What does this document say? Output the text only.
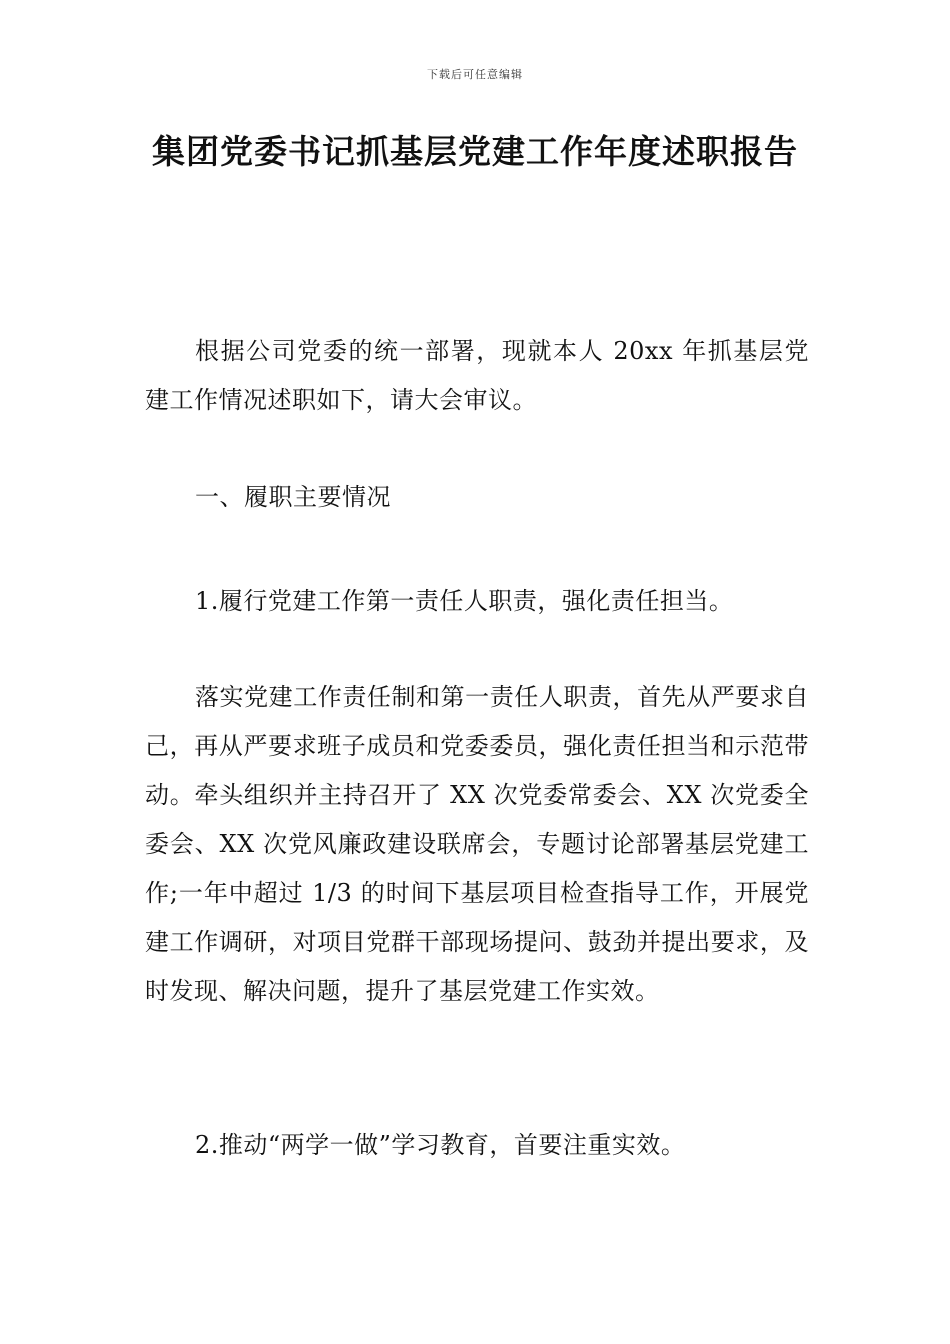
下载后可任意编辑
集团党委书记抓基层党建工作年度述职报告

根据公司党委的统一部署，现就本人 20xx 年抓基层党建工作情况述职如下，请大会审议。

一、履职主要情况

1.履行党建工作第一责任人职责，强化责任担当。

落实党建工作责任制和第一责任人职责，首先从严要求自己，再从严要求班子成员和党委委员，强化责任担当和示范带动。牵头组织并主持召开了 XX 次党委常委会、XX 次党委全委会、XX 次党风廉政建设联席会，专题讨论部署基层党建工作;一年中超过 1/3 的时间下基层项目检查指导工作，开展党建工作调研，对项目党群干部现场提问、鼓劲并提出要求，及时发现、解决问题，提升了基层党建工作实效。

2.推动“两学一做”学习教育，首要注重实效。
